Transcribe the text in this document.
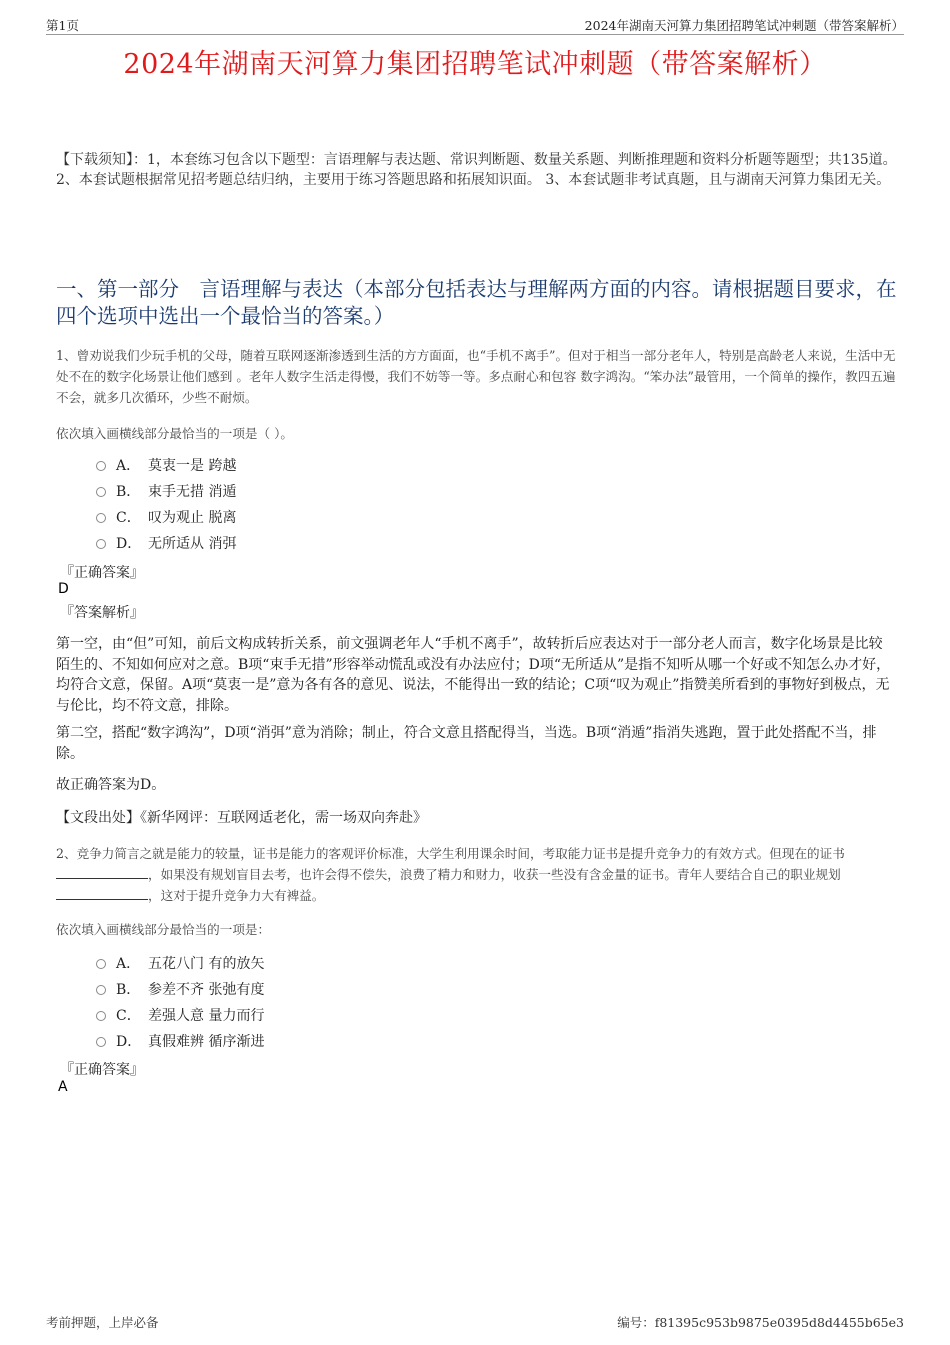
第1页	2024年湖南天河算力集团招聘笔试冲刺题（带答案解析）
2024年湖南天河算力集团招聘笔试冲刺题（带答案解析）
【下载须知】：1，本套练习包含以下题型：言语理解与表达题、常识判断题、数量关系题、判断推理题和资料分析题等题型；共135道。 2、本套试题根据常见招考题总结归纳，主要用于练习答题思路和拓展知识面。 3、本套试题非考试真题，且与湖南天河算力集团无关。
一、第一部分　言语理解与表达（本部分包括表达与理解两方面的内容。请根据题目要求，在四个选项中选出一个最恰当的答案。）
1、曾劝说我们少玩手机的父母，随着互联网逐渐渗透到生活的方方面面，也“手机不离手”。但对于相当一部分老年人，特别是高龄老人来说，生活中无处不在的数字化场景让他们感到 。老年人数字生活走得慢，我们不妨等一等。多点耐心和包容 数字鸿沟。“笨办法”最管用，一个简单的操作，教四五遍不会，就多几次循环，少些不耐烦。
依次填入画横线部分最恰当的一项是（ ）。
A． 莫衷一是 跨越
B． 束手无措 消遁
C． 叹为观止 脱离
D． 无所适从 消弭
『正确答案』
D
『答案解析』
第一空，由“但”可知，前后文构成转折关系，前文强调老年人“手机不离手”，故转折后应表达对于一部分老人而言，数字化场景是比较陌生的、不知如何应对之意。B项“束手无措”形容举动慌乱或没有办法应付；D项“无所适从”是指不知听从哪一个好或不知怎么办才好，均符合文意，保留。A项“莫衷一是”意为各有各的意见、说法，不能得出一致的结论；C项“叹为观止”指赞美所看到的事物好到极点，无与伦比，均不符文意，排除。
第二空，搭配“数字鸿沟”，D项“消弭”意为消除；制止，符合文意且搭配得当，当选。B项“消遁”指消失逃跑，置于此处搭配不当，排除。
故正确答案为D。
【文段出处】《新华网评：互联网适老化，需一场双向奔赴》
2、竞争力简言之就是能力的较量，证书是能力的客观评价标准，大学生利用课余时间，考取能力证书是提升竞争力的有效方式。但现在的证书，如果没有规划盲目去考，也许会得不偿失，浪费了精力和财力，收获一些没有含金量的证书。青年人要结合自己的职业规划
，这对于提升竞争力大有裨益。
依次填入画横线部分最恰当的一项是：
A． 五花八门 有的放矢
B． 参差不齐 张弛有度
C． 差强人意 量力而行
D． 真假难辨 循序渐进
『正确答案』
A
考前押题，上岸必备	编号：f81395c953b9875e0395d8d4455b65e3
